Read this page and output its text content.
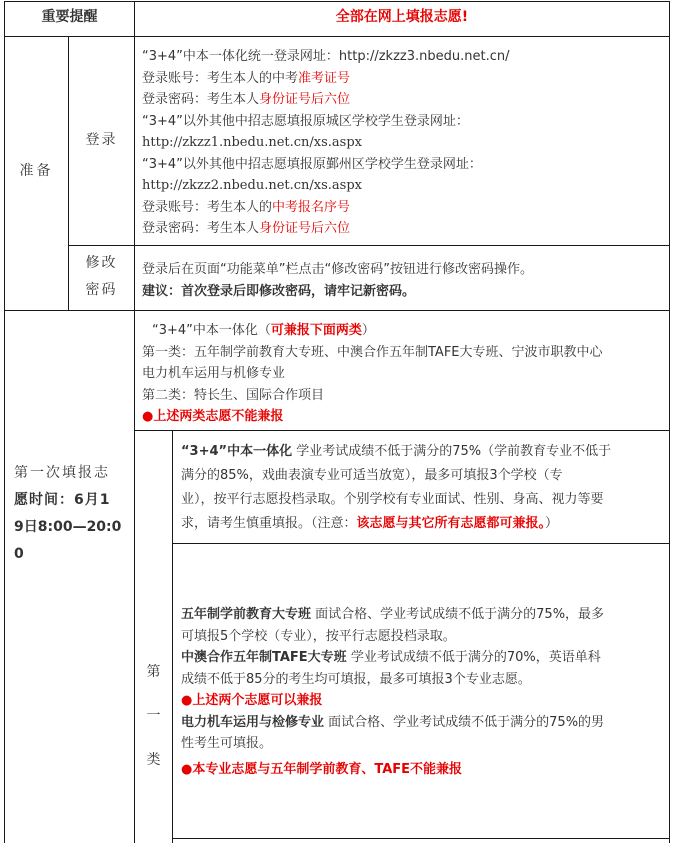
重要提醒	全部在网上填报志愿!
准备
登录
“3+4”中本一体化统一登录网址：http://zkzz3.nbedu.net.cn/
登录账号：考生本人的中考准考证号
登录密码：考生本人身份证号后六位
“3+4”以外其他中招志愿填报原城区学校学生登录网址：
http://zkzz1.nbedu.net.cn/xs.aspx
“3+4”以外其他中招志愿填报原鄞州区学校学生登录网址：
http://zkzz2.nbedu.net.cn/xs.aspx
登录账号：考生本人的中考报名序号
登录密码：考生本人身份证号后六位
修改
密码
登录后在页面“功能菜单”栏点击“修改密码”按钮进行修改密码操作。
建议：首次登录后即修改密码，请牢记新密码。
第一次填报志
愿时间：6月1
9日8:00—20:0
0
“3+4”中本一体化（可兼报下面两类）
第一类：五年制学前教育大专班、中澳合作五年制TAFE大专班、宁波市职教中心
电力机车运用与机修专业
第二类：特长生、国际合作项目
●上述两类志愿不能兼报
“3+4”中本一体化 学业考试成绩不低于满分的75%（学前教育专业不低于
满分的85%，戏曲表演专业可适当放宽），最多可填报3个学校（专
业），按平行志愿投档录取。个别学校有专业面试、性别、身高、视力等要
求，请考生慎重填报。（注意：该志愿与其它所有志愿都可兼报。）
第
一
类
五年制学前教育大专班 面试合格、学业考试成绩不低于满分的75%，最多
可填报5个学校（专业），按平行志愿投档录取。
中澳合作五年制TAFE大专班 学业考试成绩不低于满分的70%，英语单科
成绩不低于85分的考生均可填报，最多可填报3个专业志愿。
●上述两个志愿可以兼报
电力机车运用与检修专业 面试合格、学业考试成绩不低于满分的75%的男
性考生可填报。
●本专业志愿与五年制学前教育、TAFE不能兼报
